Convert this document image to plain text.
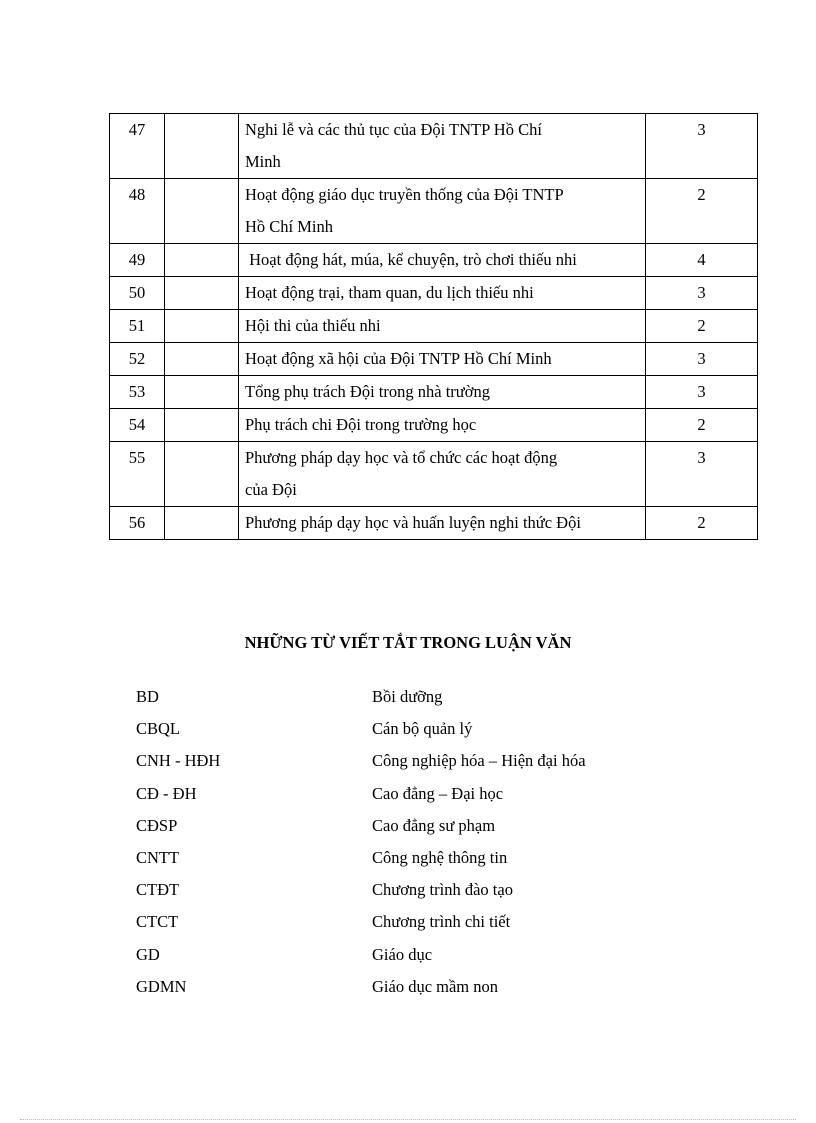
47		Nghi lễ và các thủ tục của Đội TNTP Hồ Chí
Minh	3
48		Hoạt động giáo dục truyền thống của Đội TNTP
Hồ Chí Minh	2
49		Hoạt động hát, múa, kể chuyện, trò chơi thiếu nhi	4
50		Hoạt động trại, tham quan, du lịch thiếu nhi	3
51		Hội thi của thiếu nhi	2
52		Hoạt động xã hội của Đội TNTP Hồ Chí Minh	3
53		Tổng phụ trách Đội trong nhà trường	3
54		Phụ trách chi Đội trong trường học	2
55		Phương pháp dạy học và tổ chức các hoạt động
của Đội	3
56		Phương pháp dạy học và huấn luyện nghi thức Đội	2
NHỮNG TỪ VIẾT TẮT TRONG LUẬN VĂN
BD	Bồi dưỡng
CBQL	Cán bộ quản lý
CNH - HĐH	Công nghiệp hóa – Hiện đại hóa
CĐ - ĐH	Cao đẳng – Đại học
CĐSP	Cao đẳng sư phạm
CNTT	Công nghệ thông tin
CTĐT	Chương trình đào tạo
CTCT	Chương trình chi tiết
GD	Giáo dục
GDMN	Giáo dục mầm non
